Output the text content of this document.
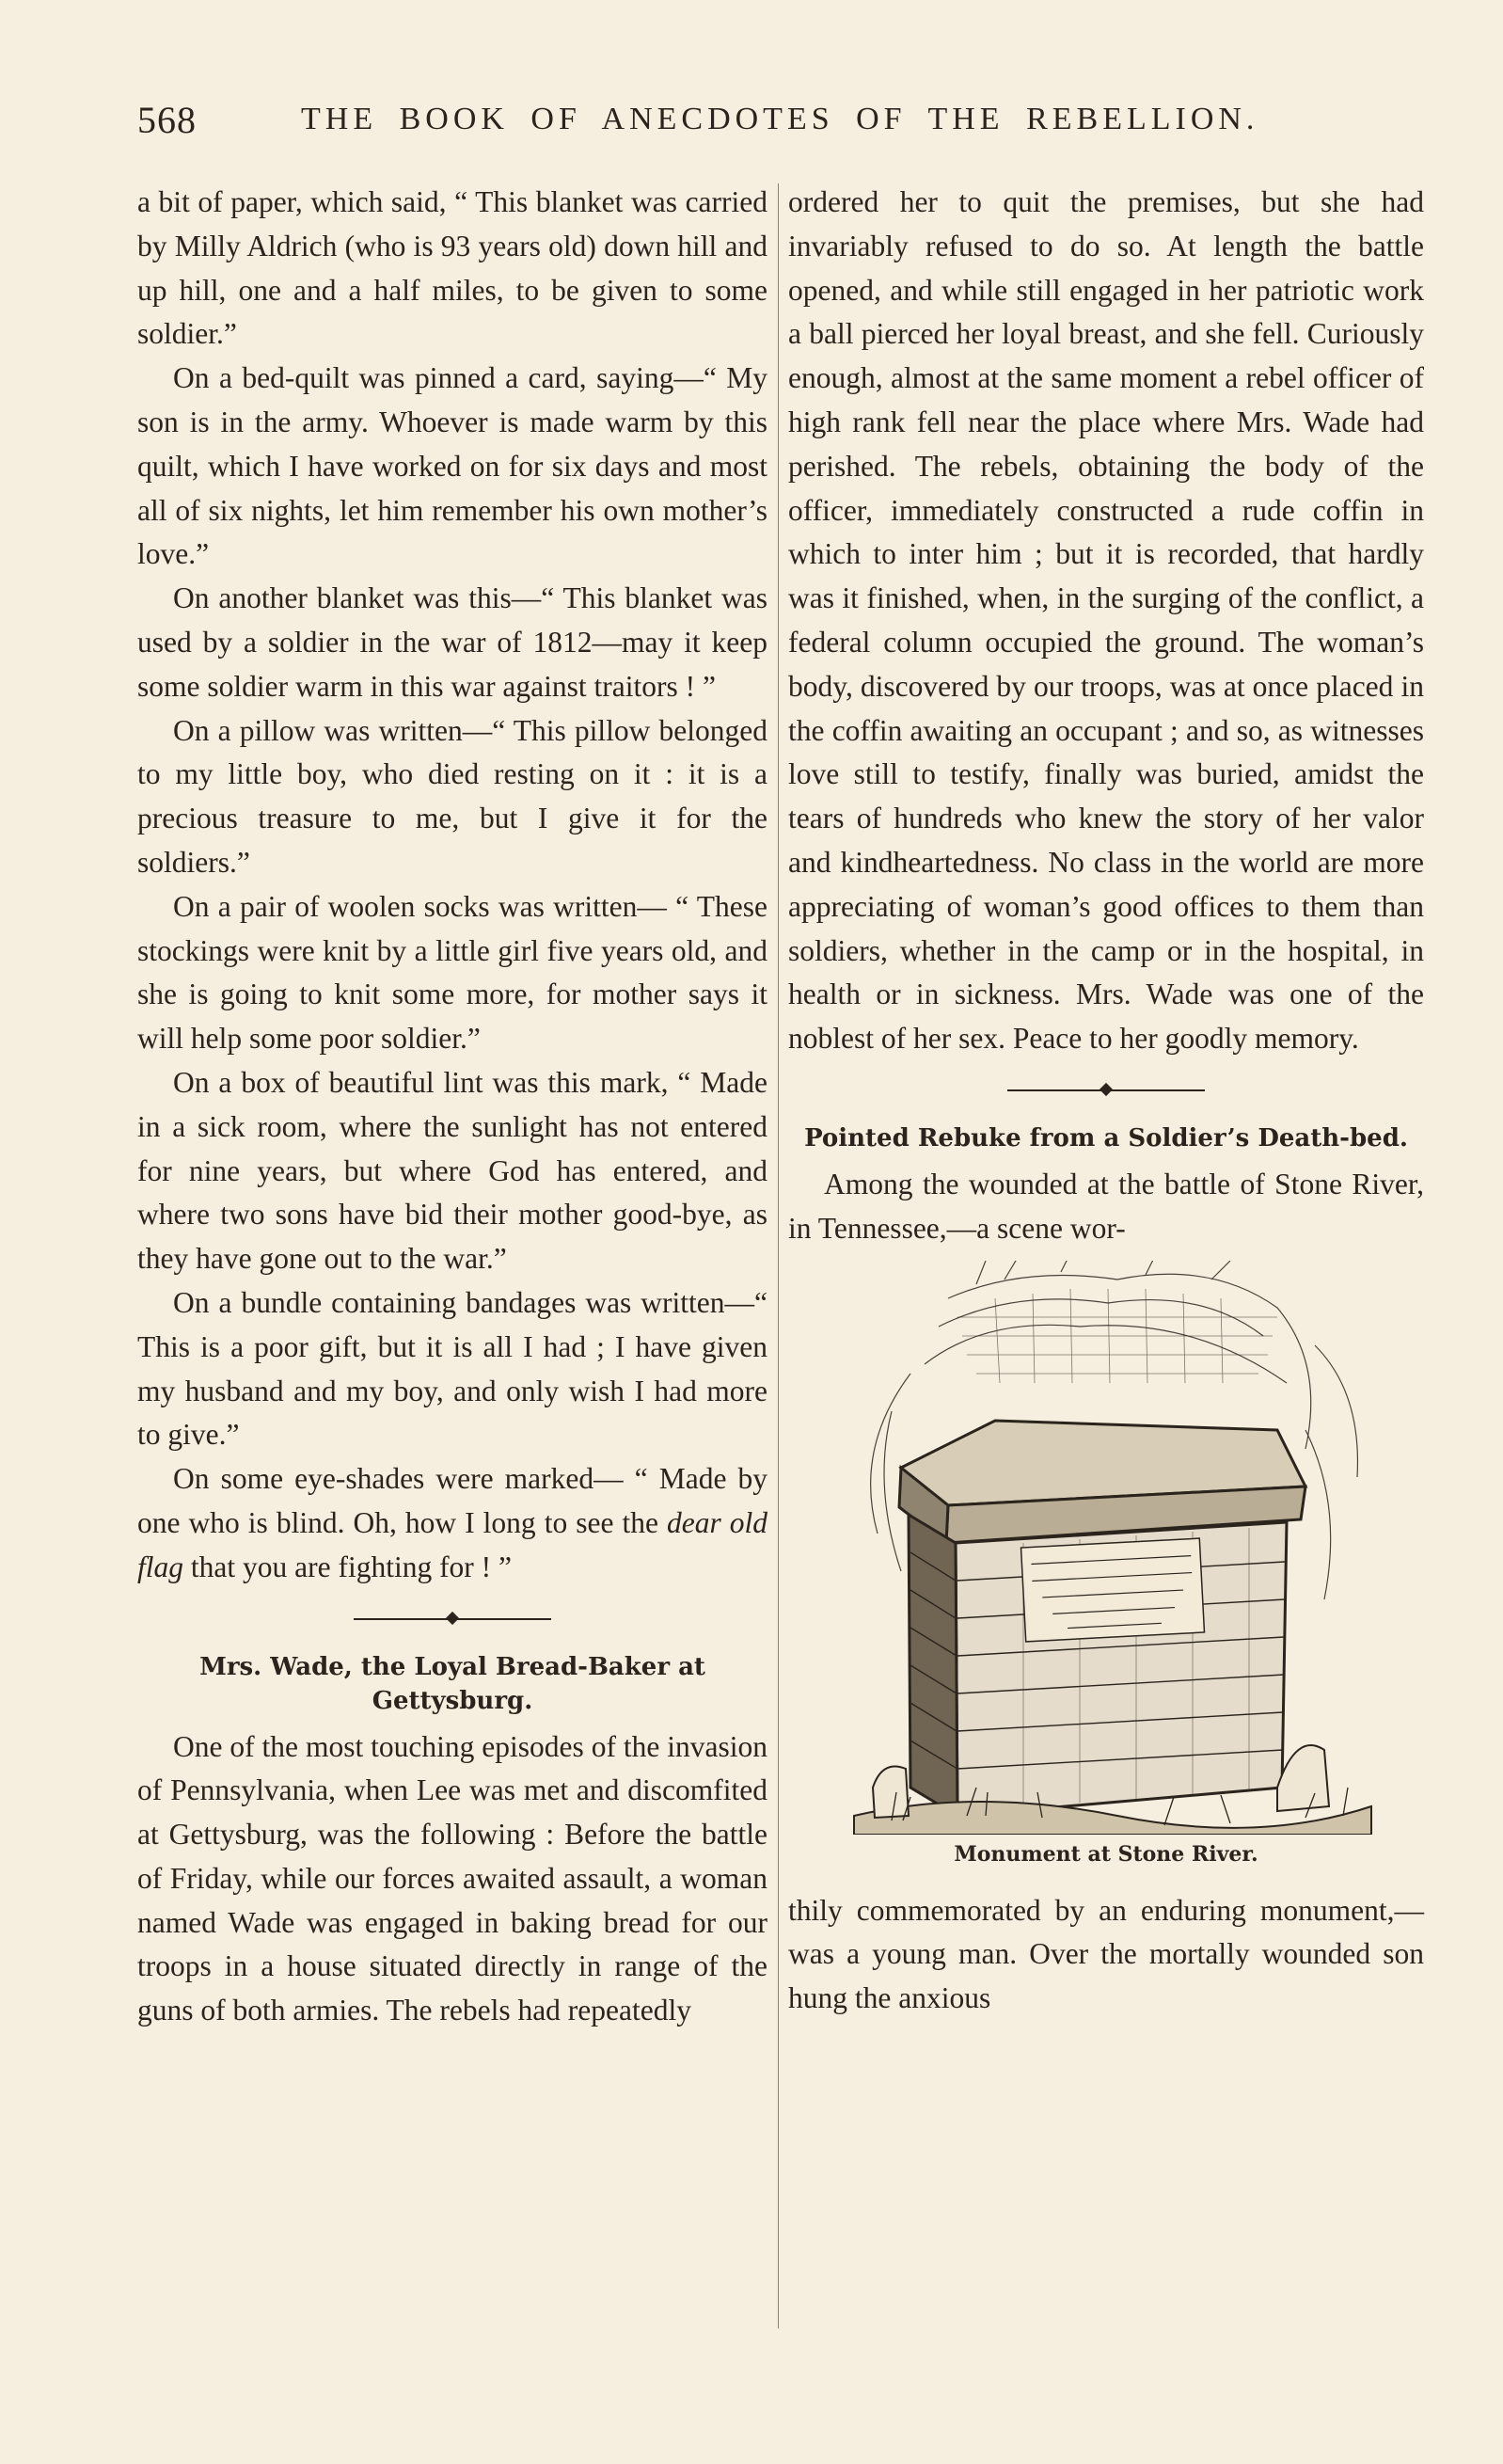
568	THE BOOK OF ANECDOTES OF THE REBELLION.

a bit of paper, which said, “ This blanket was carried by Milly Aldrich (who is 93 years old) down hill and up hill, one and a half miles, to be given to some soldier.”

On a bed-quilt was pinned a card, saying—“ My son is in the army. Whoever is made warm by this quilt, which I have worked on for six days and most all of six nights, let him remember his own mother’s love.”

On another blanket was this—“ This blanket was used by a soldier in the war of 1812—may it keep some soldier warm in this war against traitors ! ”

On a pillow was written—“ This pillow belonged to my little boy, who died resting on it : it is a precious treasure to me, but I give it for the soldiers.”

On a pair of woolen socks was written— “ These stockings were knit by a little girl five years old, and she is going to knit some more, for mother says it will help some poor soldier.”

On a box of beautiful lint was this mark, “ Made in a sick room, where the sunlight has not entered for nine years, but where God has entered, and where two sons have bid their mother good-bye, as they have gone out to the war.”

On a bundle containing bandages was written—“ This is a poor gift, but it is all I had ; I have given my husband and my boy, and only wish I had more to give.”

On some eye-shades were marked— “ Made by one who is blind. Oh, how I long to see the dear old flag that you are fighting for ! ”

Mrs. Wade, the Loyal Bread-Baker at Gettysburg.

One of the most touching episodes of the invasion of Pennsylvania, when Lee was met and discomfited at Gettysburg, was the following : Before the battle of Friday, while our forces awaited assault, a woman named Wade was engaged in baking bread for our troops in a house situated directly in range of the guns of both armies. The rebels had repeatedly

ordered her to quit the premises, but she had invariably refused to do so. At length the battle opened, and while still engaged in her patriotic work a ball pierced her loyal breast, and she fell. Curiously enough, almost at the same moment a rebel officer of high rank fell near the place where Mrs. Wade had perished. The rebels, obtaining the body of the officer, immediately constructed a rude coffin in which to inter him ; but it is recorded, that hardly was it finished, when, in the surging of the conflict, a federal column occupied the ground. The woman’s body, discovered by our troops, was at once placed in the coffin awaiting an occupant ; and so, as witnesses love still to testify, finally was buried, amidst the tears of hundreds who knew the story of her valor and kindheartedness. No class in the world are more appreciating of woman’s good offices to them than soldiers, whether in the camp or in the hospital, in health or in sickness. Mrs. Wade was one of the noblest of her sex. Peace to her goodly memory.

Pointed Rebuke from a Soldier’s Death-bed.

Among the wounded at the battle of Stone River, in Tennessee,—a scene wor-

Monument at Stone River.

thily commemorated by an enduring monument,—was a young man. Over the mortally wounded son hung the anxious
